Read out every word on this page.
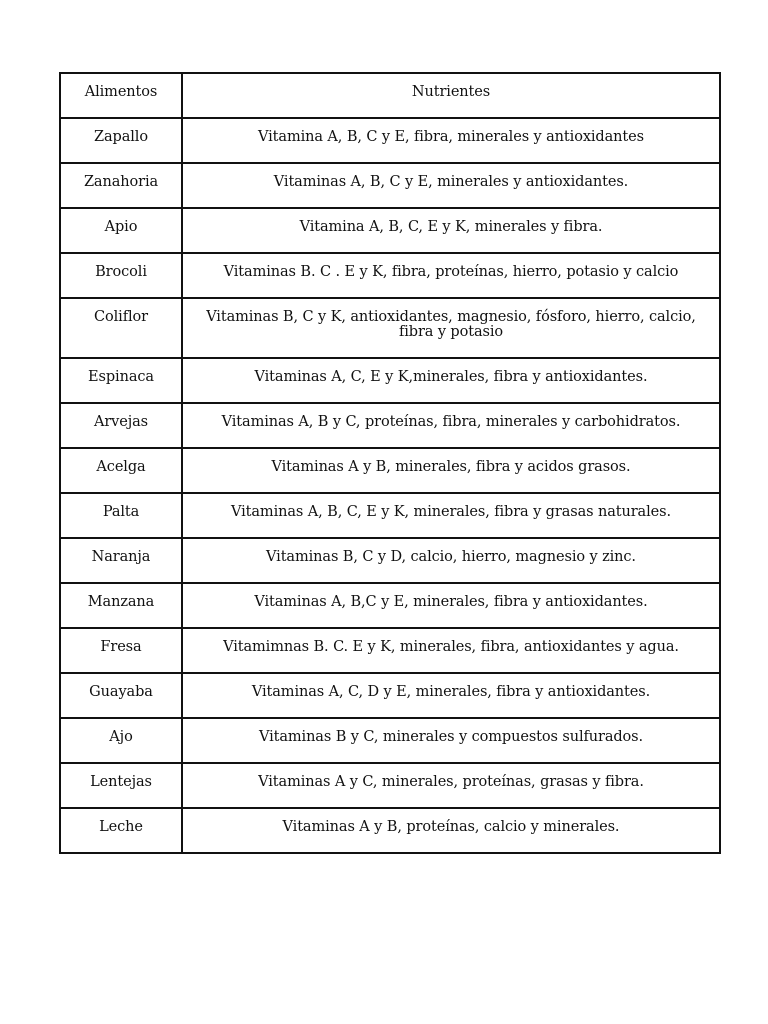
Alimentos	Nutrientes
Zapallo	Vitamina A, B, C y E, fibra, minerales y antioxidantes
Zanahoria	Vitaminas A, B, C y E, minerales y antioxidantes.
Apio	Vitamina A, B, C, E y K, minerales y fibra.
Brocoli	Vitaminas B. C . E y K, fibra, proteínas, hierro, potasio y calcio
Coliflor	Vitaminas B, C y K, antioxidantes, magnesio, fósforo, hierro, calcio, fibra y potasio
Espinaca	Vitaminas A, C, E y K,minerales, fibra y antioxidantes.
Arvejas	Vitaminas A, B y C, proteínas, fibra, minerales y carbohidratos.
Acelga	Vitaminas A y B, minerales, fibra y acidos grasos.
Palta	Vitaminas A, B, C, E y K, minerales, fibra y grasas naturales.
Naranja	Vitaminas B, C y D, calcio, hierro, magnesio y zinc.
Manzana	Vitaminas A, B,C y E, minerales, fibra y antioxidantes.
Fresa	Vitamimnas B. C. E y K, minerales, fibra, antioxidantes y agua.
Guayaba	Vitaminas A, C, D y E, minerales, fibra y antioxidantes.
Ajo	Vitaminas B y C, minerales y compuestos sulfurados.
Lentejas	Vitaminas A y C, minerales, proteínas, grasas y fibra.
Leche	Vitaminas A y B, proteínas, calcio y minerales.
